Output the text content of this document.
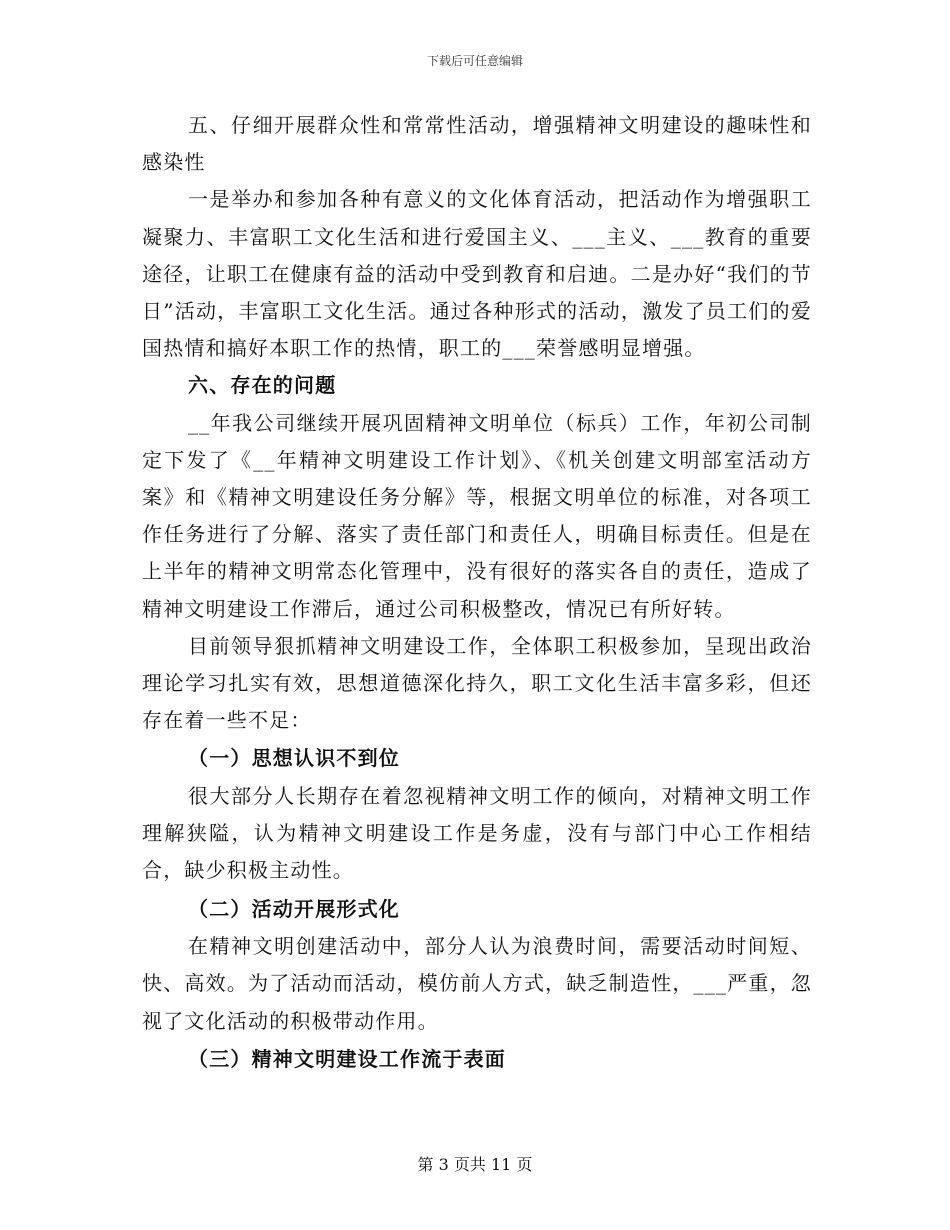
下载后可任意编辑

五、仔细开展群众性和常常性活动，增强精神文明建设的趣味性和感染性

一是举办和参加各种有意义的文化体育活动，把活动作为增强职工凝聚力、丰富职工文化生活和进行爱国主义、___主义、___教育的重要途径，让职工在健康有益的活动中受到教育和启迪。二是办好“我们的节日”活动，丰富职工文化生活。通过各种形式的活动，激发了员工们的爱国热情和搞好本职工作的热情，职工的___荣誉感明显增强。

六、存在的问题

__年我公司继续开展巩固精神文明单位（标兵）工作，年初公司制定下发了《__年精神文明建设工作计划》、《机关创建文明部室活动方案》和《精神文明建设任务分解》等，根据文明单位的标准，对各项工作任务进行了分解、落实了责任部门和责任人，明确目标责任。但是在上半年的精神文明常态化管理中，没有很好的落实各自的责任，造成了精神文明建设工作滞后，通过公司积极整改，情况已有所好转。

目前领导狠抓精神文明建设工作，全体职工积极参加，呈现出政治理论学习扎实有效，思想道德深化持久，职工文化生活丰富多彩，但还存在着一些不足：

（一）思想认识不到位

很大部分人长期存在着忽视精神文明工作的倾向，对精神文明工作理解狭隘，认为精神文明建设工作是务虚，没有与部门中心工作相结合，缺少积极主动性。

（二）活动开展形式化

在精神文明创建活动中，部分人认为浪费时间，需要活动时间短、快、高效。为了活动而活动，模仿前人方式，缺乏制造性，___严重，忽视了文化活动的积极带动作用。

（三）精神文明建设工作流于表面

第 3 页共 11 页
